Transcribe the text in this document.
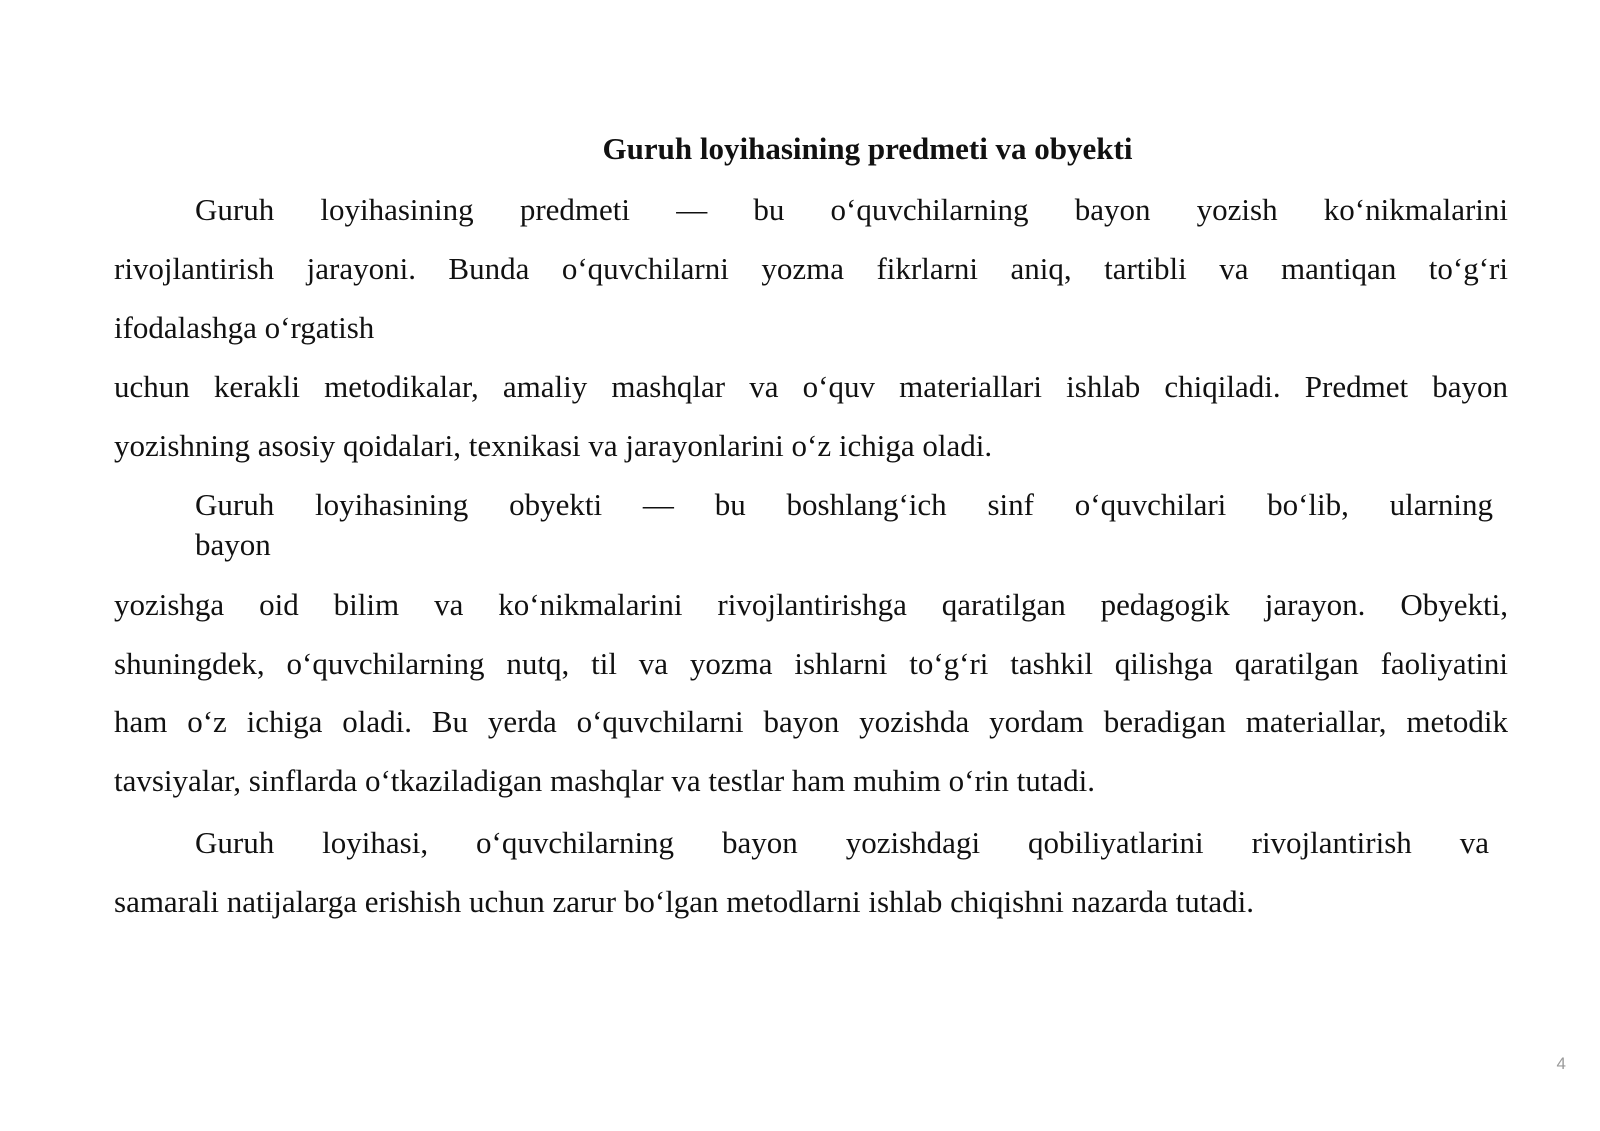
Guruh loyihasining predmeti va obyekti
Guruh loyihasining predmeti — bu o‘quvchilarning bayon yozish ko‘nikmalarini
rivojlantirish jarayoni. Bunda o‘quvchilarni yozma fikrlarni aniq, tartibli va mantiqan to‘g‘ri
ifodalashga o‘rgatish
uchun kerakli metodikalar, amaliy mashqlar va o‘quv materiallari ishlab chiqiladi. Predmet bayon
yozishning asosiy qoidalari, texnikasi va jarayonlarini o‘z ichiga oladi.
Guruh loyihasining obyekti — bu boshlang‘ich sinf o‘quvchilari bo‘lib, ularning
bayon
yozishga oid bilim va ko‘nikmalarini rivojlantirishga qaratilgan pedagogik jarayon. Obyekti,
shuningdek, o‘quvchilarning nutq, til va yozma ishlarni to‘g‘ri tashkil qilishga qaratilgan faoliyatini
ham o‘z ichiga oladi. Bu yerda o‘quvchilarni bayon yozishda yordam beradigan materiallar, metodik
tavsiyalar, sinflarda o‘tkaziladigan mashqlar va testlar ham muhim o‘rin tutadi.
Guruh loyihasi, o‘quvchilarning bayon yozishdagi qobiliyatlarini rivojlantirish va
samarali natijalarga erishish uchun zarur bo‘lgan metodlarni ishlab chiqishni nazarda tutadi.
4
